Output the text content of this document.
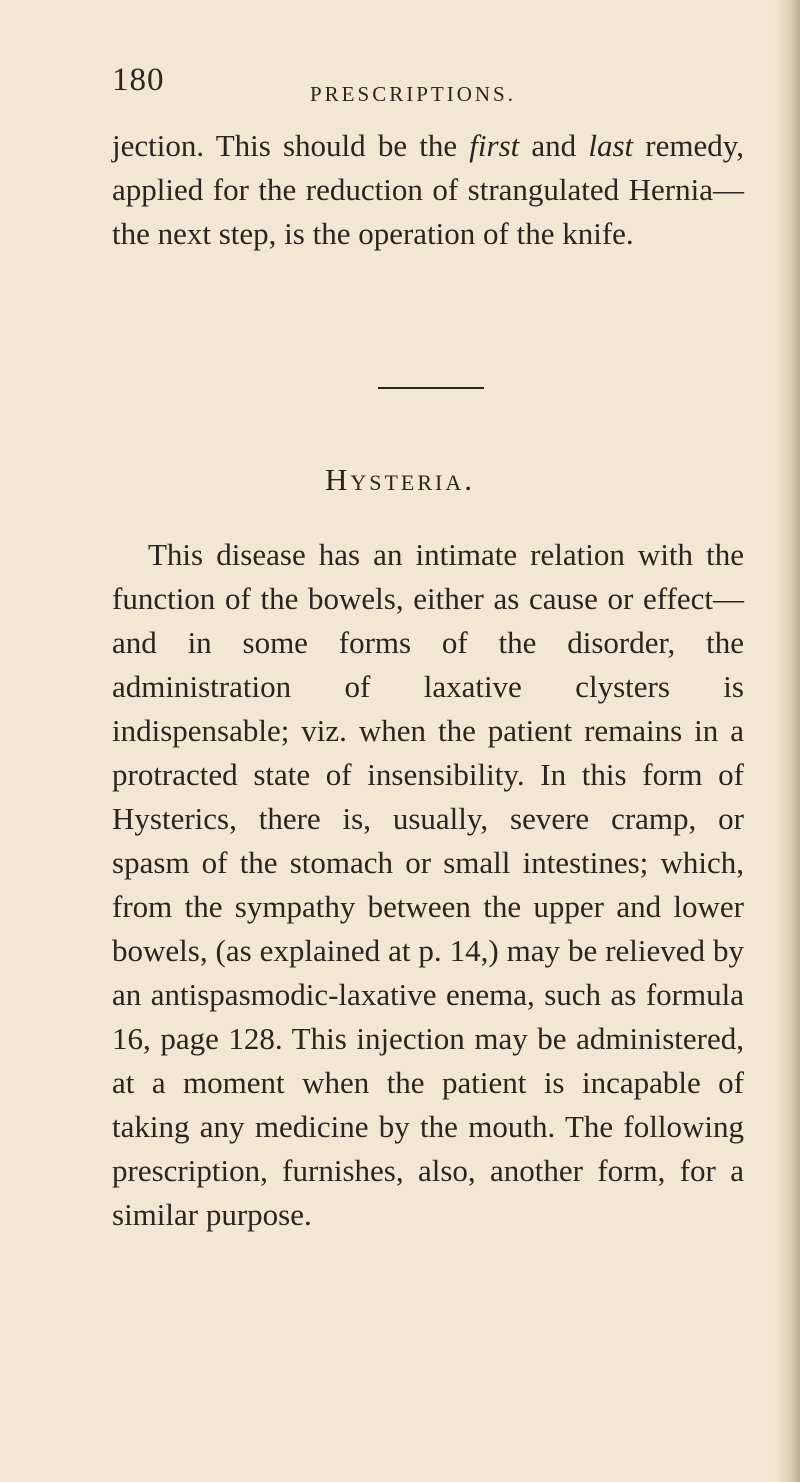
180	PRESCRIPTIONS.

jection. This should be the first and last remedy, applied for the reduction of strangulated Hernia—the next step, is the operation of the knife.

Hysteria.

This disease has an intimate relation with the function of the bowels, either as cause or effect—and in some forms of the disorder, the administration of laxative clysters is indispensable; viz. when the patient remains in a protracted state of insensibility. In this form of Hysterics, there is, usually, severe cramp, or spasm of the stomach or small intestines; which, from the sympathy between the upper and lower bowels, (as explained at p. 14,) may be relieved by an antispasmodic-laxative enema, such as formula 16, page 128. This injection may be administered, at a moment when the patient is incapable of taking any medicine by the mouth. The following prescription, furnishes, also, another form, for a similar purpose.
